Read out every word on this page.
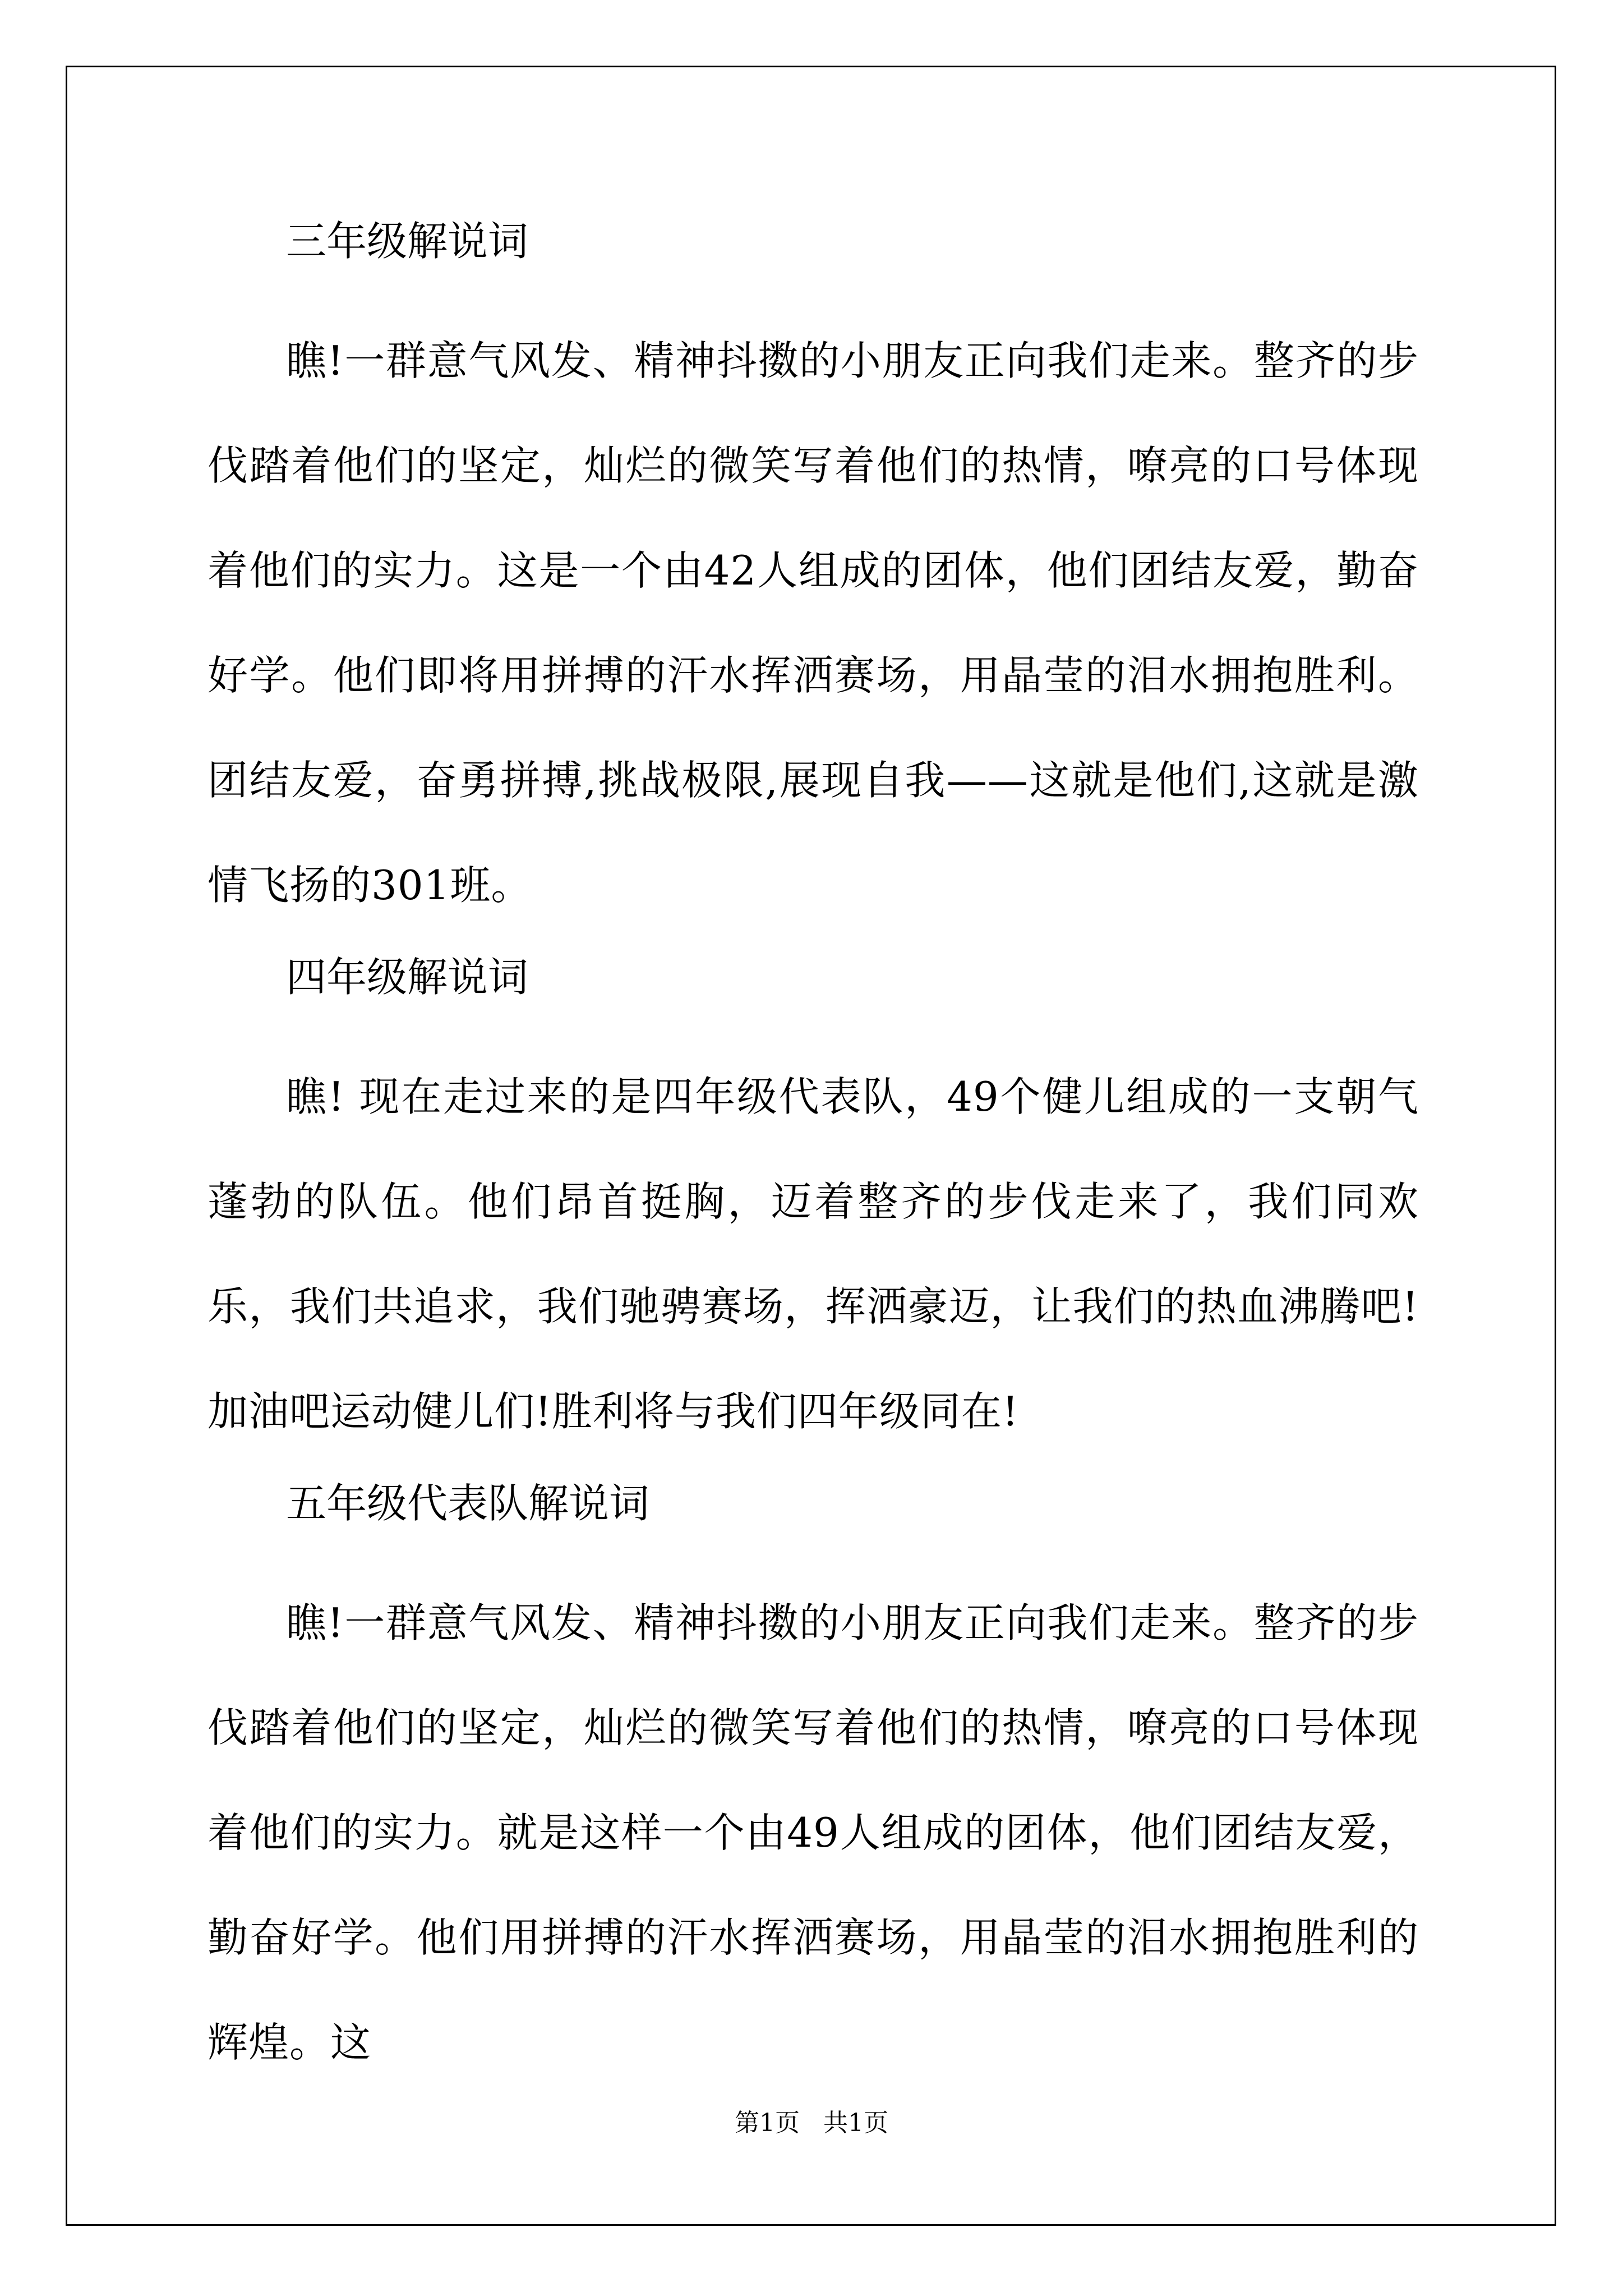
三年级解说词

瞧!一群意气风发、精神抖擞的小朋友正向我们走来。整齐的步伐踏着他们的坚定，灿烂的微笑写着他们的热情，嘹亮的口号体现着他们的实力。这是一个由42人组成的团体，他们团结友爱，勤奋好学。他们即将用拼搏的汗水挥洒赛场，用晶莹的泪水拥抱胜利。团结友爱，奋勇拼搏,挑战极限,展现自我——这就是他们,这就是激情飞扬的301班。

四年级解说词

瞧! 现在走过来的是四年级代表队，49个健儿组成的一支朝气蓬勃的队伍。他们昂首挺胸，迈着整齐的步伐走来了，我们同欢乐，我们共追求，我们驰骋赛场，挥洒豪迈，让我们的热血沸腾吧!加油吧运动健儿们!胜利将与我们四年级同在!

五年级代表队解说词

瞧!一群意气风发、精神抖擞的小朋友正向我们走来。整齐的步伐踏着他们的坚定，灿烂的微笑写着他们的热情，嘹亮的口号体现着他们的实力。就是这样一个由49人组成的团体，他们团结友爱，勤奋好学。他们用拼搏的汗水挥洒赛场，用晶莹的泪水拥抱胜利的辉煌。这

第1页   共1页
